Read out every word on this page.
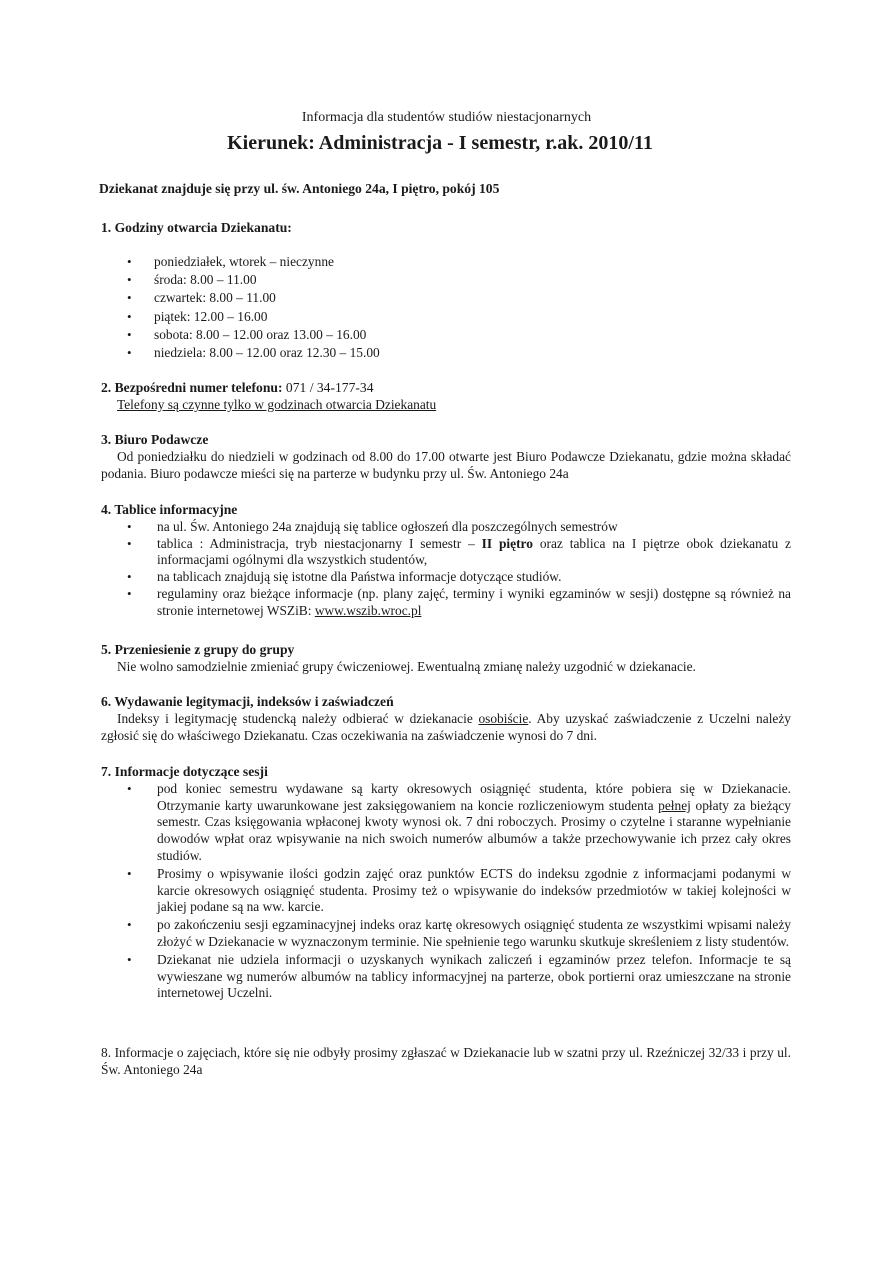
Informacja dla studentów studiów niestacjonarnych
Kierunek: Administracja - I semestr, r.ak. 2010/11
Dziekanat znajduje się przy ul. św. Antoniego 24a, I piętro, pokój 105
1. Godziny otwarcia Dziekanatu:
• poniedziałek, wtorek – nieczynne
• środa: 8.00 – 11.00
• czwartek: 8.00 – 11.00
• piątek: 12.00 – 16.00
• sobota: 8.00 – 12.00 oraz 13.00 – 16.00
• niedziela: 8.00 – 12.00 oraz 12.30 – 15.00
2. Bezpośredni numer telefonu: 071 / 34-177-34
Telefony są czynne tylko w godzinach otwarcia Dziekanatu
3. Biuro Podawcze
Od poniedziałku do niedzieli w godzinach od 8.00 do 17.00 otwarte jest Biuro Podawcze Dziekanatu, gdzie można składać podania. Biuro podawcze mieści się na parterze w budynku przy ul. Św. Antoniego 24a
4. Tablice informacyjne
• na ul. Św. Antoniego 24a znajdują się tablice ogłoszeń dla poszczególnych semestrów
• tablica : Administracja, tryb niestacjonarny I semestr – II piętro oraz tablica na I piętrze obok dziekanatu z informacjami ogólnymi dla wszystkich studentów,
• na tablicach znajdują się istotne dla Państwa informacje dotyczące studiów.
• regulaminy oraz bieżące informacje (np. plany zajęć, terminy i wyniki egzaminów w sesji) dostępne są również na stronie internetowej WSZiB: www.wszib.wroc.pl
5. Przeniesienie z grupy do grupy
Nie wolno samodzielnie zmieniać grupy ćwiczeniowej. Ewentualną zmianę należy uzgodnić w dziekanacie.
6. Wydawanie legitymacji, indeksów i zaświadczeń
Indeksy i legitymację studencką należy odbierać w dziekanacie osobiście. Aby uzyskać zaświadczenie z Uczelni należy zgłosić się do właściwego Dziekanatu. Czas oczekiwania na zaświadczenie wynosi do 7 dni.
7. Informacje dotyczące sesji
• pod koniec semestru wydawane są karty okresowych osiągnięć studenta, które pobiera się w Dziekanacie. Otrzymanie karty uwarunkowane jest zaksięgowaniem na koncie rozliczeniowym studenta pełnej opłaty za bieżący semestr. Czas księgowania wpłaconej kwoty wynosi ok. 7 dni roboczych. Prosimy o czytelne i staranne wypełnianie dowodów wpłat oraz wpisywanie na nich swoich numerów albumów a także przechowywanie ich przez cały okres studiów.
• Prosimy o wpisywanie ilości godzin zajęć oraz punktów ECTS do indeksu zgodnie z informacjami podanymi w karcie okresowych osiągnięć studenta. Prosimy też o wpisywanie do indeksów przedmiotów w takiej kolejności w jakiej podane są na ww. karcie.
• po zakończeniu sesji egzaminacyjnej indeks oraz kartę okresowych osiągnięć studenta ze wszystkimi wpisami należy złożyć w Dziekanacie w wyznaczonym terminie. Nie spełnienie tego warunku skutkuje skreśleniem z listy studentów.
• Dziekanat nie udziela informacji o uzyskanych wynikach zaliczeń i egzaminów przez telefon. Informacje te są wywieszane wg numerów albumów na tablicy informacyjnej na parterze, obok portierni oraz umieszczane na stronie internetowej Uczelni.
8. Informacje o zajęciach, które się nie odbyły prosimy zgłaszać w Dziekanacie lub w szatni przy ul. Rzeźniczej 32/33 i przy ul. Św. Antoniego 24a
